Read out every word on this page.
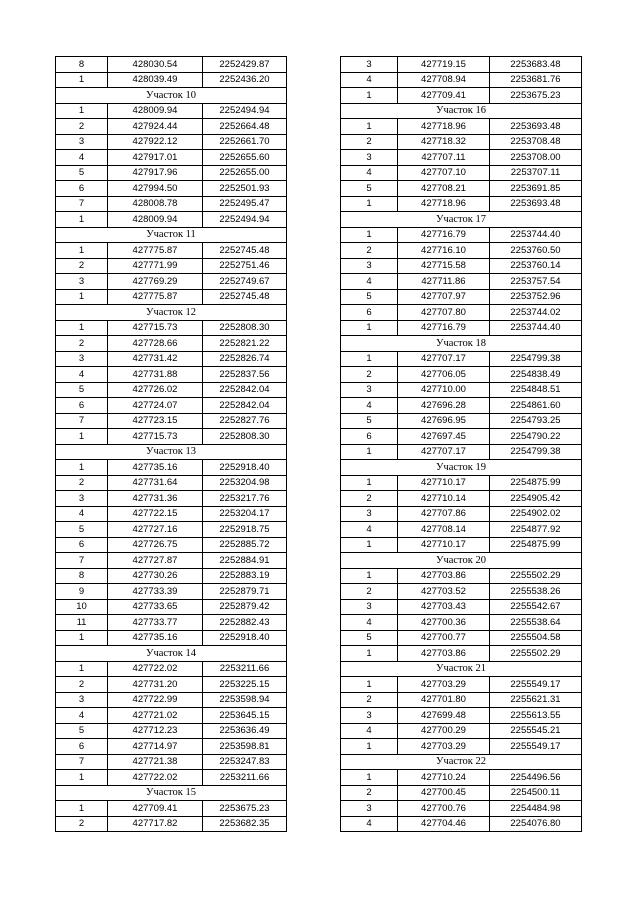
8	428030.54	2252429.87
1	428039.49	2252436.20
Участок 10		
1	428009.94	2252494.94
2	427924.44	2252664.48
3	427922.12	2252661.70
4	427917.01	2252655.60
5	427917.96	2252655.00
6	427994.50	2252501.93
7	428008.78	2252495.47
1	428009.94	2252494.94
Участок 11		
1	427775.87	2252745.48
2	427771.99	2252751.46
3	427769.29	2252749.67
1	427775.87	2252745.48
Участок 12		
1	427715.73	2252808.30
2	427728.66	2252821.22
3	427731.42	2252826.74
4	427731.88	2252837.56
5	427726.02	2252842.04
6	427724.07	2252842.04
7	427723.15	2252827.76
1	427715.73	2252808.30
Участок 13		
1	427735.16	2252918.40
2	427731.64	2253204.98
3	427731.36	2253217.76
4	427722.15	2253204.17
5	427727.16	2252918.75
6	427726.75	2252885.72
7	427727.87	2252884.91
8	427730.26	2252883.19
9	427733.39	2252879.71
10	427733.65	2252879.42
11	427733.77	2252882.43
1	427735.16	2252918.40
Участок 14		
1	427722.02	2253211.66
2	427731.20	2253225.15
3	427722.99	2253598.94
4	427721.02	2253645.15
5	427712.23	2253636.49
6	427714.97	2253598.81
7	427721.38	2253247.83
1	427722.02	2253211.66
Участок 15		
1	427709.41	2253675.23
2	427717.82	2253682.35
3	427719.15	2253683.48
4	427708.94	2253681.76
1	427709.41	2253675.23
Участок 16		
1	427718.96	2253693.48
2	427718.32	2253708.48
3	427707.11	2253708.00
4	427707.10	2253707.11
5	427708.21	2253691.85
1	427718.96	2253693.48
Участок 17		
1	427716.79	2253744.40
2	427716.10	2253760.50
3	427715.58	2253760.14
4	427711.86	2253757.54
5	427707.97	2253752.96
6	427707.80	2253744.02
1	427716.79	2253744.40
Участок 18		
1	427707.17	2254799.38
2	427706.05	2254838.49
3	427710.00	2254848.51
4	427696.28	2254861.60
5	427696.95	2254793.25
6	427697.45	2254790.22
1	427707.17	2254799.38
Участок 19		
1	427710.17	2254875.99
2	427710.14	2254905.42
3	427707.86	2254902.02
4	427708.14	2254877.92
1	427710.17	2254875.99
Участок 20		
1	427703.86	2255502.29
2	427703.52	2255538.26
3	427703.43	2255542.67
4	427700.36	2255538.64
5	427700.77	2255504.58
1	427703.86	2255502.29
Участок 21		
1	427703.29	2255549.17
2	427701.80	2255621.31
3	427699.48	2255613.55
4	427700.29	2255545.21
1	427703.29	2255549.17
Участок 22		
1	427710.24	2254496.56
2	427700.45	2254500.11
3	427700.76	2254484.98
4	427704.46	2254076.80
